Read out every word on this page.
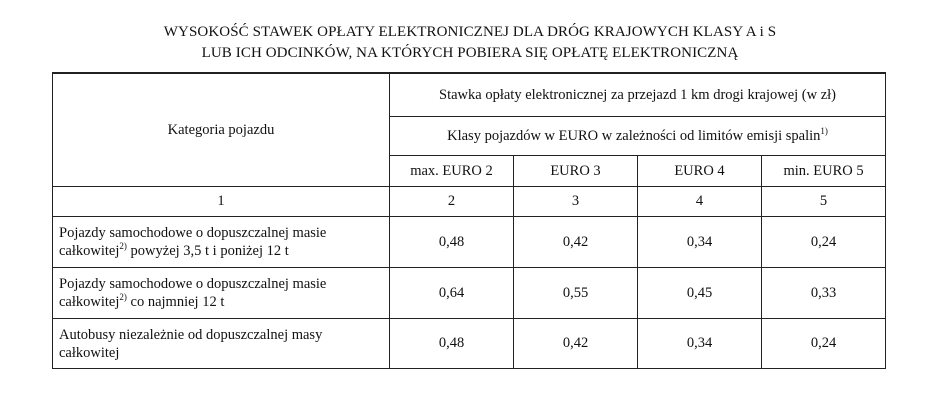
WYSOKOŚĆ STAWEK OPŁATY ELEKTRONICZNEJ DLA DRÓG KRAJOWYCH KLASY A i S
LUB ICH ODCINKÓW, NA KTÓRYCH POBIERA SIĘ OPŁATĘ ELEKTRONICZNĄ
Kategoria pojazdu	Stawka opłaty elektronicznej za przejazd 1 km drogi krajowej (w zł)			
	Klasy pojazdów w EURO w zależności od limitów emisji spalin$^{1)}$
	max. EURO 2	EURO 3	EURO 4	min. EURO 5
1	2	3	4	5
Pojazdy samochodowe o dopuszczalnej masie całkowitej$^{2)}$ powyżej 3,5 t i poniżej 12 t	0,48	0,42	0,34	0,24
Pojazdy samochodowe o dopuszczalnej masie całkowitej$^{2)}$ co najmniej 12 t	0,64	0,55	0,45	0,33
Autobusy niezależnie od dopuszczalnej masy całkowitej	0,48	0,42	0,34	0,24
